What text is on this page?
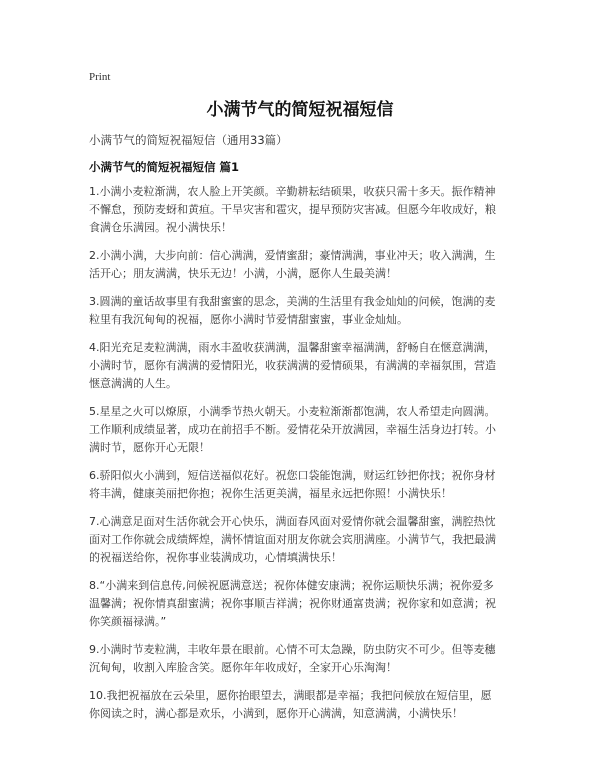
Print
小满节气的简短祝福短信
小满节气的简短祝福短信（通用33篇）
小满节气的简短祝福短信 篇1

1.小满小麦粒渐满，农人脸上开笑颜。辛勤耕耘结硕果，收获只需十多天。振作精神不懈怠，预防麦蚜和黄疸。干旱灾害和雹灾，提早预防灾害减。但愿今年收成好，粮食满仓乐满园。祝小满快乐！

2.小满小满，大步向前：信心满满，爱情蜜甜；豪情满满，事业冲天；收入满满，生活开心；朋友满满，快乐无边！小满，小满，愿你人生最美满！

3.圆满的童话故事里有我甜蜜蜜的思念，美满的生活里有我金灿灿的问候，饱满的麦粒里有我沉甸甸的祝福，愿你小满时节爱情甜蜜蜜，事业金灿灿。

4.阳光充足麦粒满满，雨水丰盈收获满满，温馨甜蜜幸福满满，舒畅自在惬意满满，小满时节，愿你有满满的爱情阳光，收获满满的爱情硕果，有满满的幸福氛围，营造惬意满满的人生。

5.星星之火可以燎原，小满季节热火朝天。小麦粒渐渐都饱满，农人希望走向圆满。工作顺利成绩显著，成功在前招手不断。爱情花朵开放满园，幸福生活身边打转。小满时节，愿你开心无限！

6.骄阳似火小满到，短信送福似花好。祝您口袋能饱满，财运红钞把你找；祝你身材将丰满，健康美丽把你抱；祝你生活更美满，福星永远把你照！小满快乐！

7.心满意足面对生活你就会开心快乐，满面春风面对爱情你就会温馨甜蜜，满腔热忱面对工作你就会成绩辉煌，满怀情谊面对朋友你就会宾朋满座。小满节气，我把最满的祝福送给你，祝你事业装满成功，心情填满快乐！

8.“小满来到信息传,问候祝愿满意送；祝你体健安康满；祝你运顺快乐满；祝你爱多温馨满；祝你情真甜蜜满；祝你事顺吉祥满；祝你财通富贵满；祝你家和如意满；祝你笑颜福禄满。”

9.小满时节麦粒满，丰收年景在眼前。心情不可太急躁，防虫防灾不可少。但等麦穗沉甸甸，收割入库脸含笑。愿你年年收成好，全家开心乐淘淘！

10.我把祝福放在云朵里，愿你抬眼望去，满眼都是幸福；我把问候放在短信里，愿你阅读之时，满心都是欢乐，小满到，愿你开心满满，知意满满，小满快乐！
